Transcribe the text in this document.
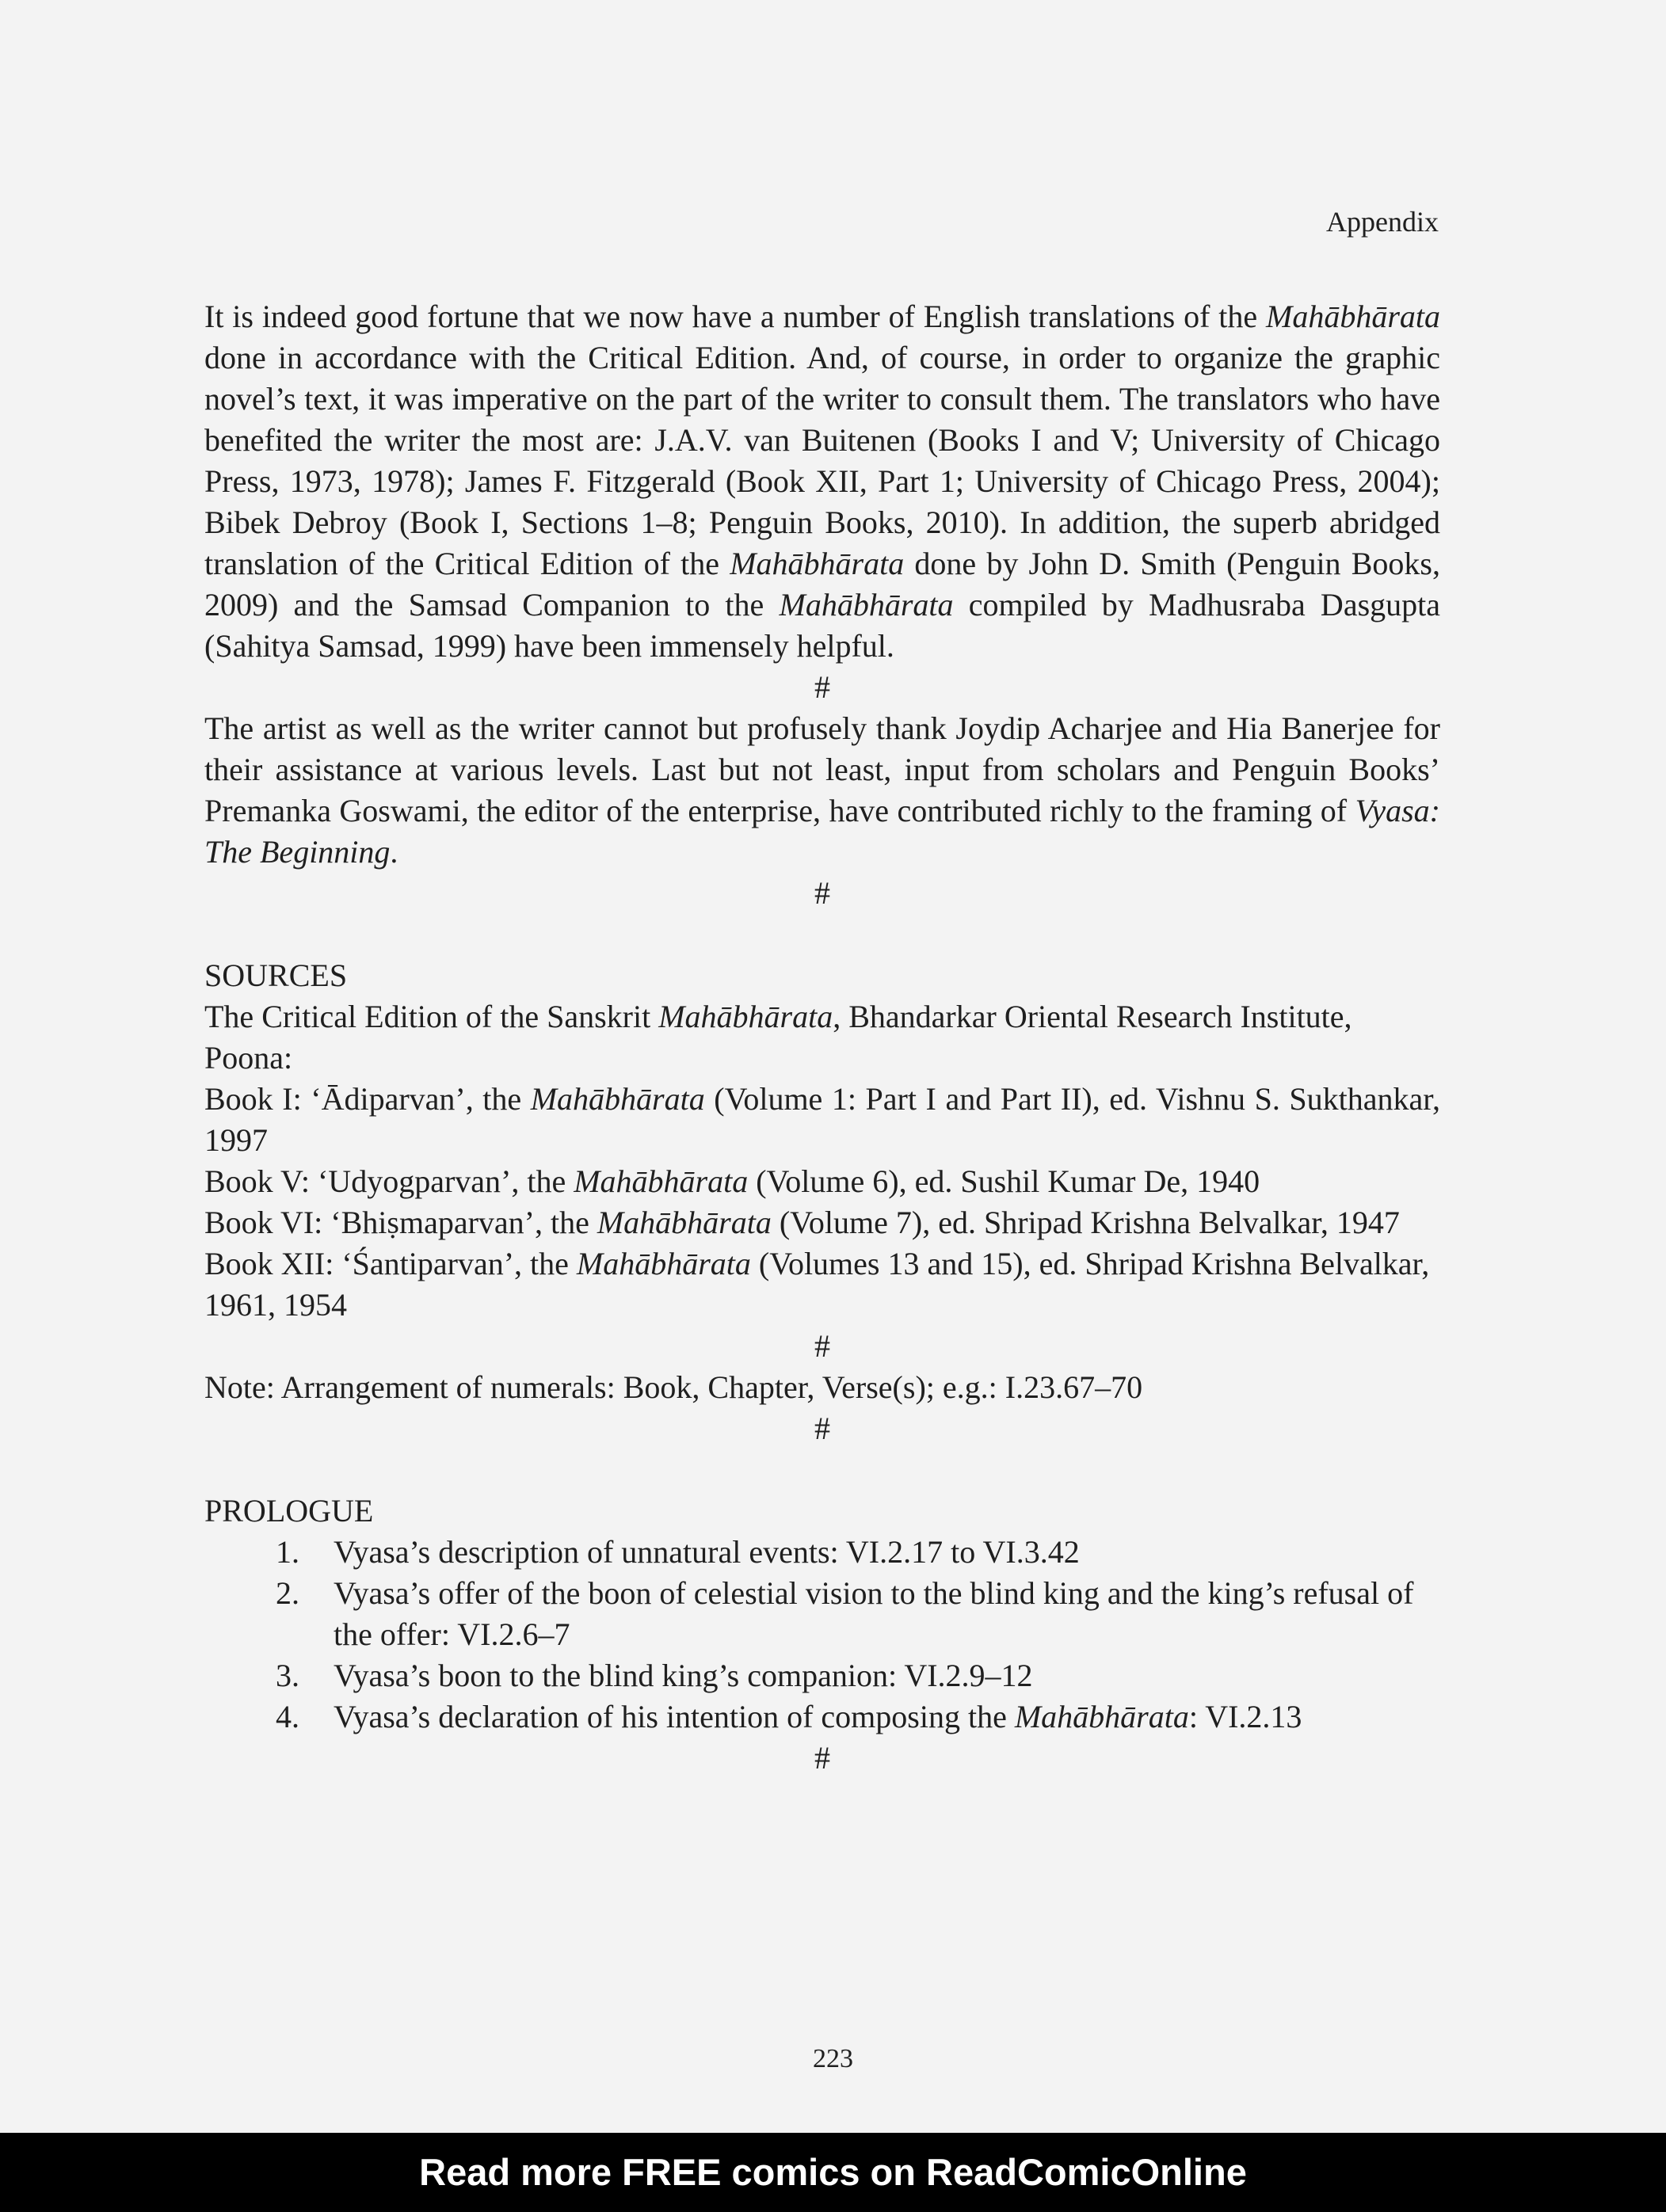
Appendix

It is indeed good fortune that we now have a number of English translations of the Mahābhārata done in accordance with the Critical Edition. And, of course, in order to organize the graphic novel’s text, it was imperative on the part of the writer to consult them. The translators who have benefited the writer the most are: J.A.V. van Buitenen (Books I and V; University of Chicago Press, 1973, 1978); James F. Fitzgerald (Book XII, Part 1; University of Chicago Press, 2004); Bibek Debroy (Book I, Sections 1–8; Penguin Books, 2010). In addition, the superb abridged translation of the Critical Edition of the Mahābhārata done by John D. Smith (Penguin Books, 2009) and the Samsad Companion to the Mahābhārata compiled by Madhusraba Dasgupta (Sahitya Samsad, 1999) have been immensely helpful.

#

The artist as well as the writer cannot but profusely thank Joydip Acharjee and Hia Banerjee for their assistance at various levels. Last but not least, input from scholars and Penguin Books’ Premanka Goswami, the editor of the enterprise, have contributed richly to the framing of Vyasa: The Beginning.

#
SOURCES
The Critical Edition of the Sanskrit Mahābhārata, Bhandarkar Oriental Research Institute, Poona:

Book I: ‘Ādiparvan’, the Mahābhārata (Volume 1: Part I and Part II), ed. Vishnu S. Sukthankar, 1997

Book V: ‘Udyogparvan’, the Mahābhārata (Volume 6), ed. Sushil Kumar De, 1940
Book VI: ‘Bhiṣmaparvan’, the Mahābhārata (Volume 7), ed. Shripad Krishna Belvalkar, 1947
Book XII: ‘Śantiparvan’, the Mahābhārata (Volumes 13 and 15), ed. Shripad Krishna Belvalkar, 1961, 1954
#
Note: Arrangement of numerals: Book, Chapter, Verse(s); e.g.: I.23.67–70
#
PROLOGUE
1. Vyasa’s description of unnatural events: VI.2.17 to VI.3.42
2. Vyasa’s offer of the boon of celestial vision to the blind king and the king’s refusal of the offer: VI.2.6–7
3. Vyasa’s boon to the blind king’s companion: VI.2.9–12
4. Vyasa’s declaration of his intention of composing the Mahābhārata: VI.2.13
#
223
Read more FREE comics on ReadComicOnline
